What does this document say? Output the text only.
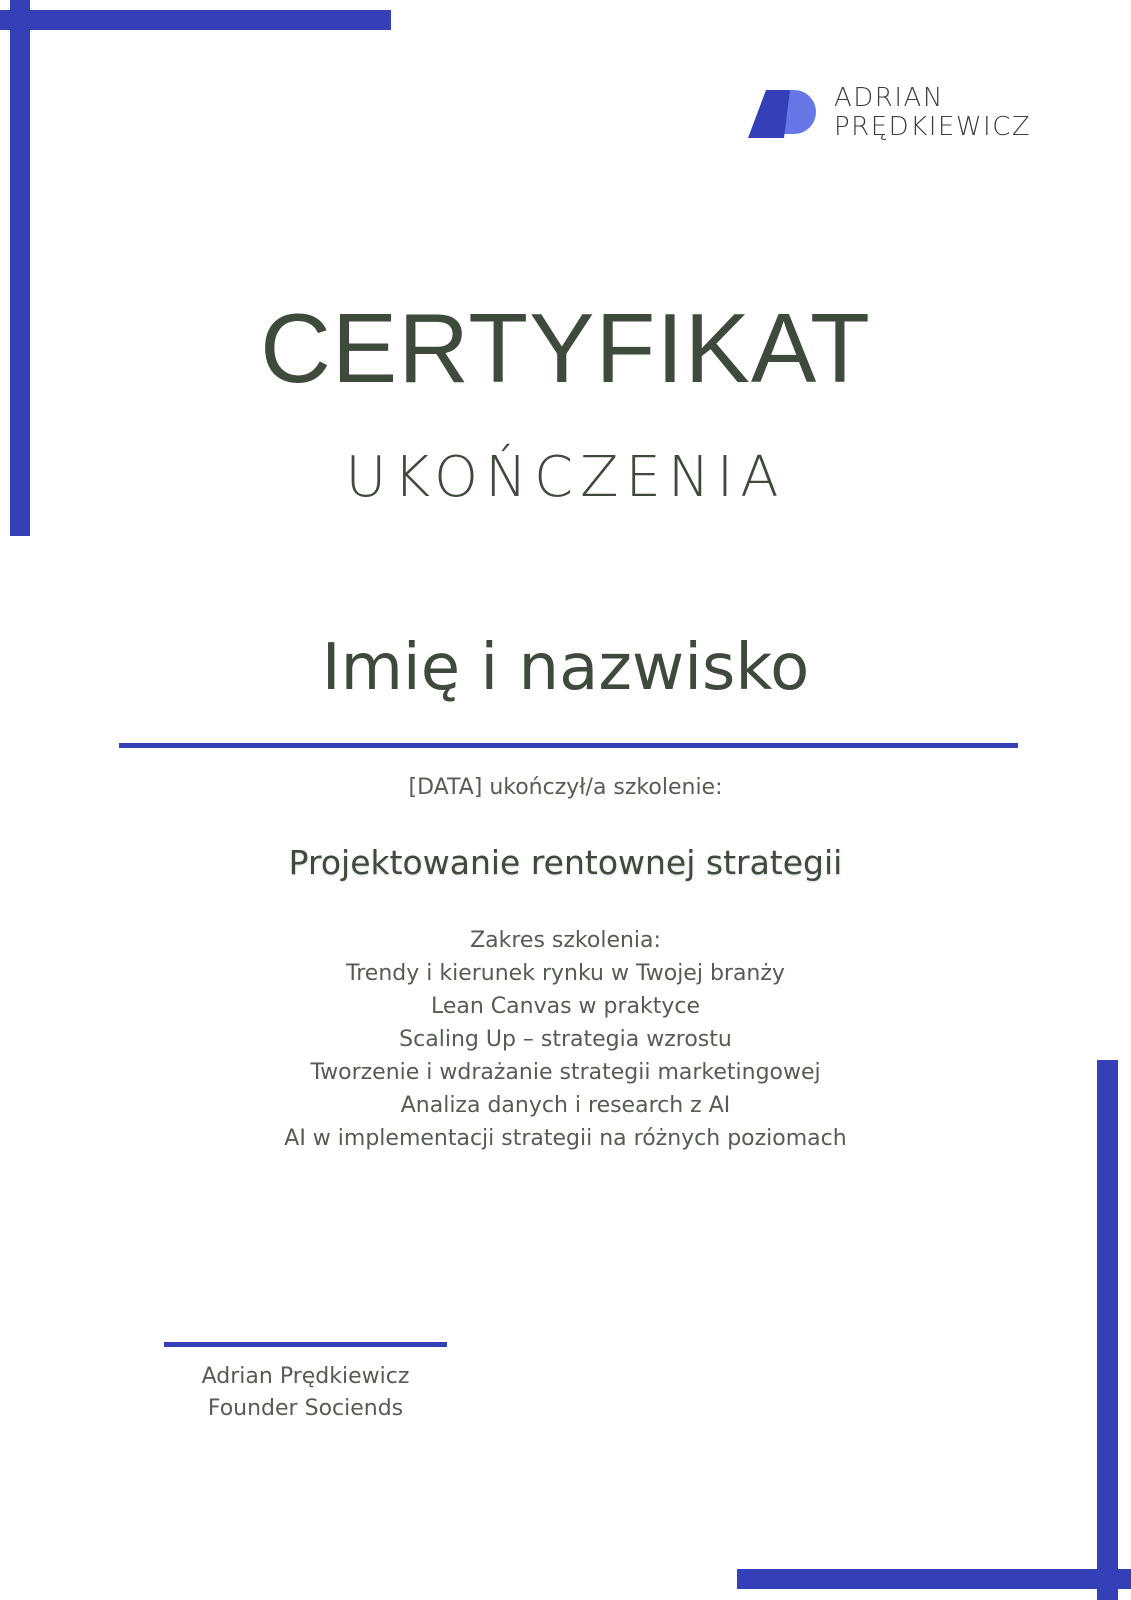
ADRIAN
PRĘDKIEWICZ
CERTYFIKAT
UKOŃCZENIA
Imię i nazwisko
[DATA] ukończył/a szkolenie:
Projektowanie rentownej strategii
Zakres szkolenia:
Trendy i kierunek rynku w Twojej branży
Lean Canvas w praktyce
Scaling Up – strategia wzrostu
Tworzenie i wdrażanie strategii marketingowej
Analiza danych i research z AI
AI w implementacji strategii na różnych poziomach
Adrian Prędkiewicz
Founder Sociends
